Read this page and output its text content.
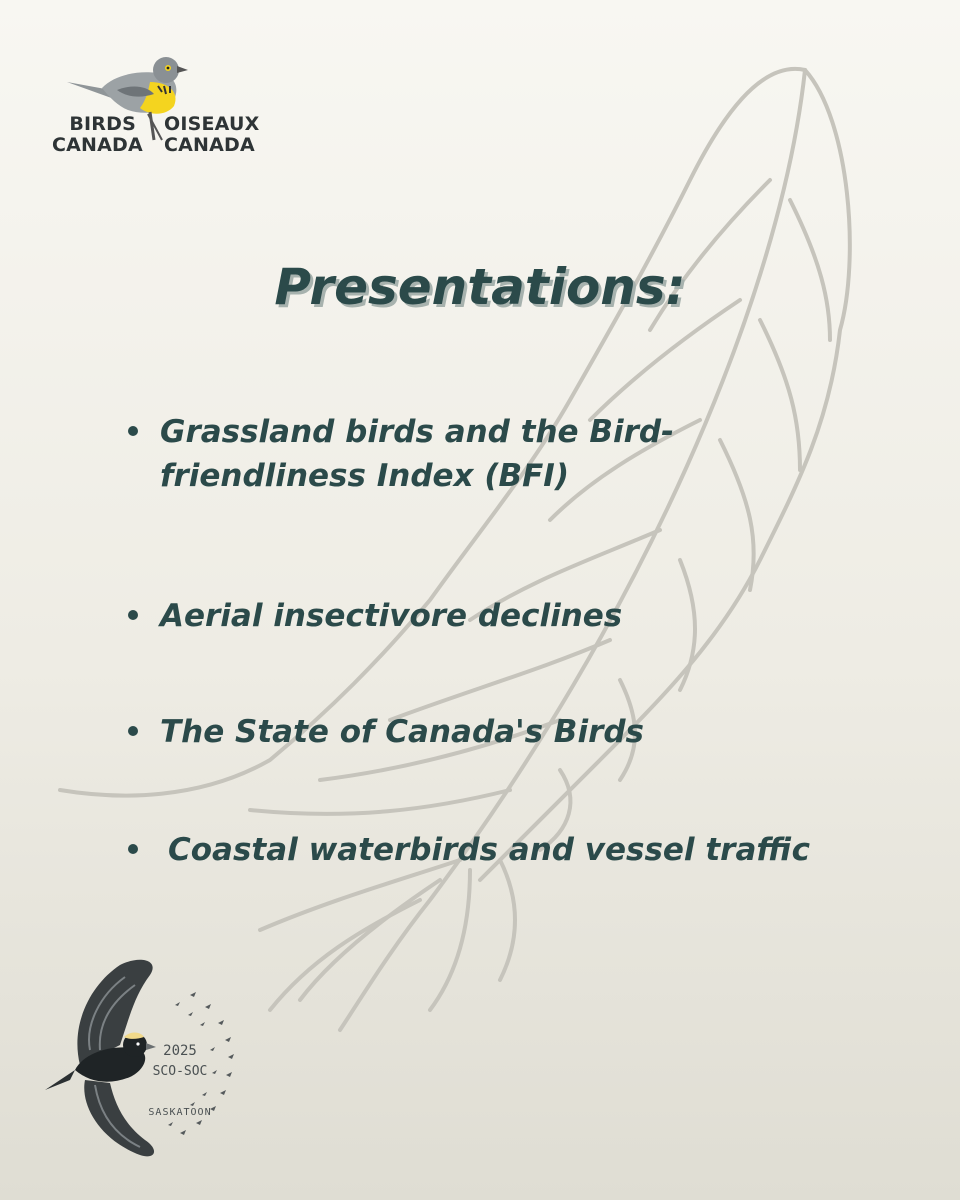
BIRDS
CANADA
OISEAUX
CANADA
Presentations:
Grassland birds and the Bird-
friendliness Index (BFI)
Aerial insectivore declines
The State of Canada's Birds
Coastal waterbirds and vessel traffic
2025
SCO-SOC
SASKATOON
